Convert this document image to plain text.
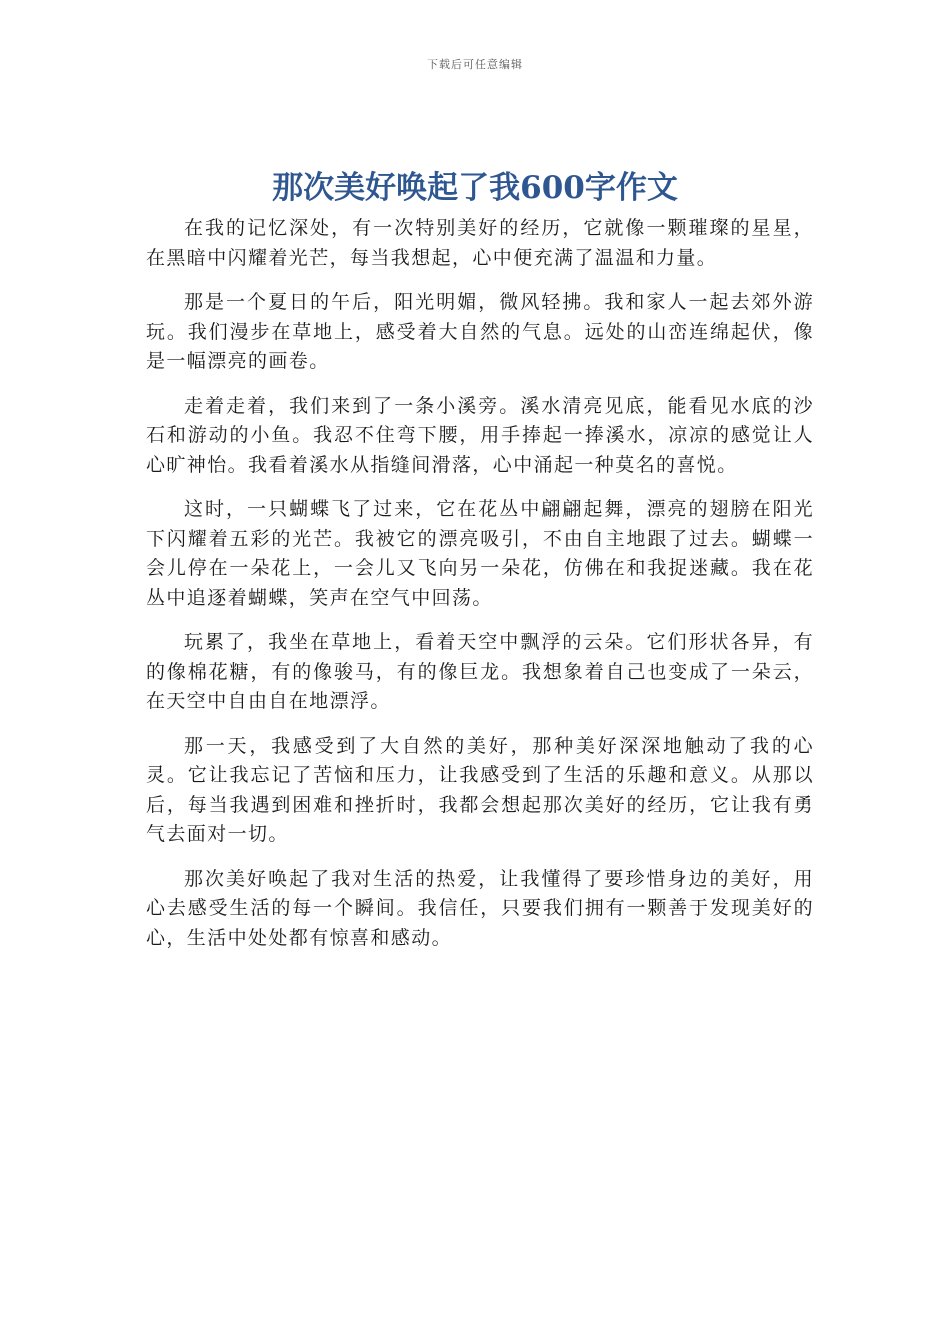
下载后可任意编辑
那次美好唤起了我600字作文

在我的记忆深处，有一次特别美好的经历，它就像一颗璀璨的星星，在黑暗中闪耀着光芒，每当我想起，心中便充满了温温和力量。

那是一个夏日的午后，阳光明媚，微风轻拂。我和家人一起去郊外游玩。我们漫步在草地上，感受着大自然的气息。远处的山峦连绵起伏，像是一幅漂亮的画卷。

走着走着，我们来到了一条小溪旁。溪水清亮见底，能看见水底的沙石和游动的小鱼。我忍不住弯下腰，用手捧起一捧溪水，凉凉的感觉让人心旷神怡。我看着溪水从指缝间滑落，心中涌起一种莫名的喜悦。

这时，一只蝴蝶飞了过来，它在花丛中翩翩起舞，漂亮的翅膀在阳光下闪耀着五彩的光芒。我被它的漂亮吸引，不由自主地跟了过去。蝴蝶一会儿停在一朵花上，一会儿又飞向另一朵花，仿佛在和我捉迷藏。我在花丛中追逐着蝴蝶，笑声在空气中回荡。

玩累了，我坐在草地上，看着天空中飘浮的云朵。它们形状各异，有的像棉花糖，有的像骏马，有的像巨龙。我想象着自己也变成了一朵云，在天空中自由自在地漂浮。

那一天，我感受到了大自然的美好，那种美好深深地触动了我的心灵。它让我忘记了苦恼和压力，让我感受到了生活的乐趣和意义。从那以后，每当我遇到困难和挫折时，我都会想起那次美好的经历，它让我有勇气去面对一切。

那次美好唤起了我对生活的热爱，让我懂得了要珍惜身边的美好，用心去感受生活的每一个瞬间。我信任，只要我们拥有一颗善于发现美好的心，生活中处处都有惊喜和感动。
